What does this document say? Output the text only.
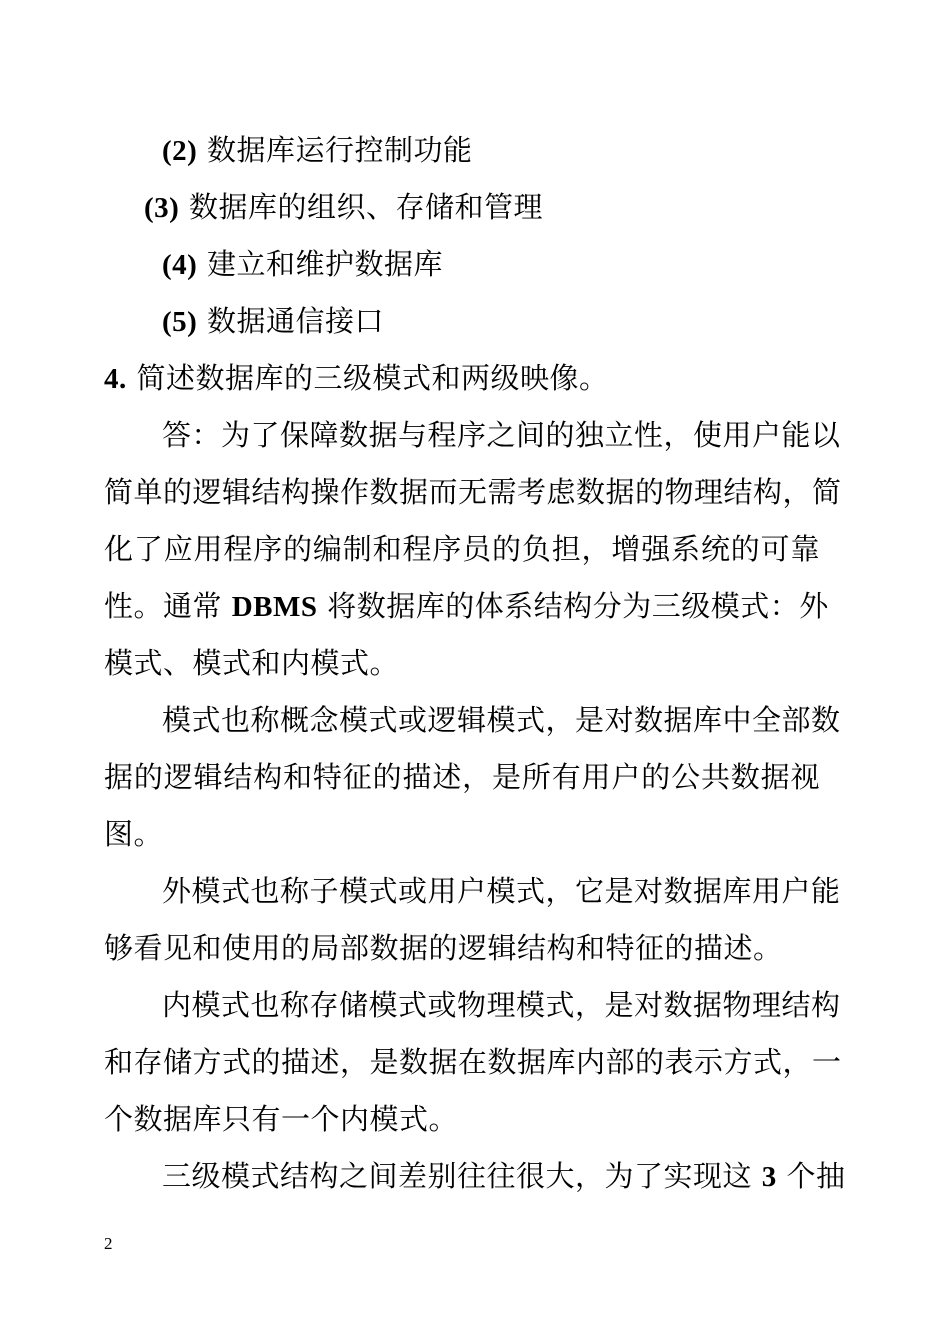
(2) 数据库运行控制功能
(3) 数据库的组织、存储和管理
(4) 建立和维护数据库
(5) 数据通信接口
4. 简述数据库的三级模式和两级映像。
答：为了保障数据与程序之间的独立性，使用户能以
简单的逻辑结构操作数据而无需考虑数据的物理结构，简
化了应用程序的编制和程序员的负担，增强系统的可靠
性。通常 DBMS 将数据库的体系结构分为三级模式：外
模式、模式和内模式。
模式也称概念模式或逻辑模式，是对数据库中全部数
据的逻辑结构和特征的描述，是所有用户的公共数据视
图。
外模式也称子模式或用户模式，它是对数据库用户能
够看见和使用的局部数据的逻辑结构和特征的描述。
内模式也称存储模式或物理模式，是对数据物理结构
和存储方式的描述，是数据在数据库内部的表示方式，一
个数据库只有一个内模式。
三级模式结构之间差别往往很大，为了实现这 3 个抽
2
